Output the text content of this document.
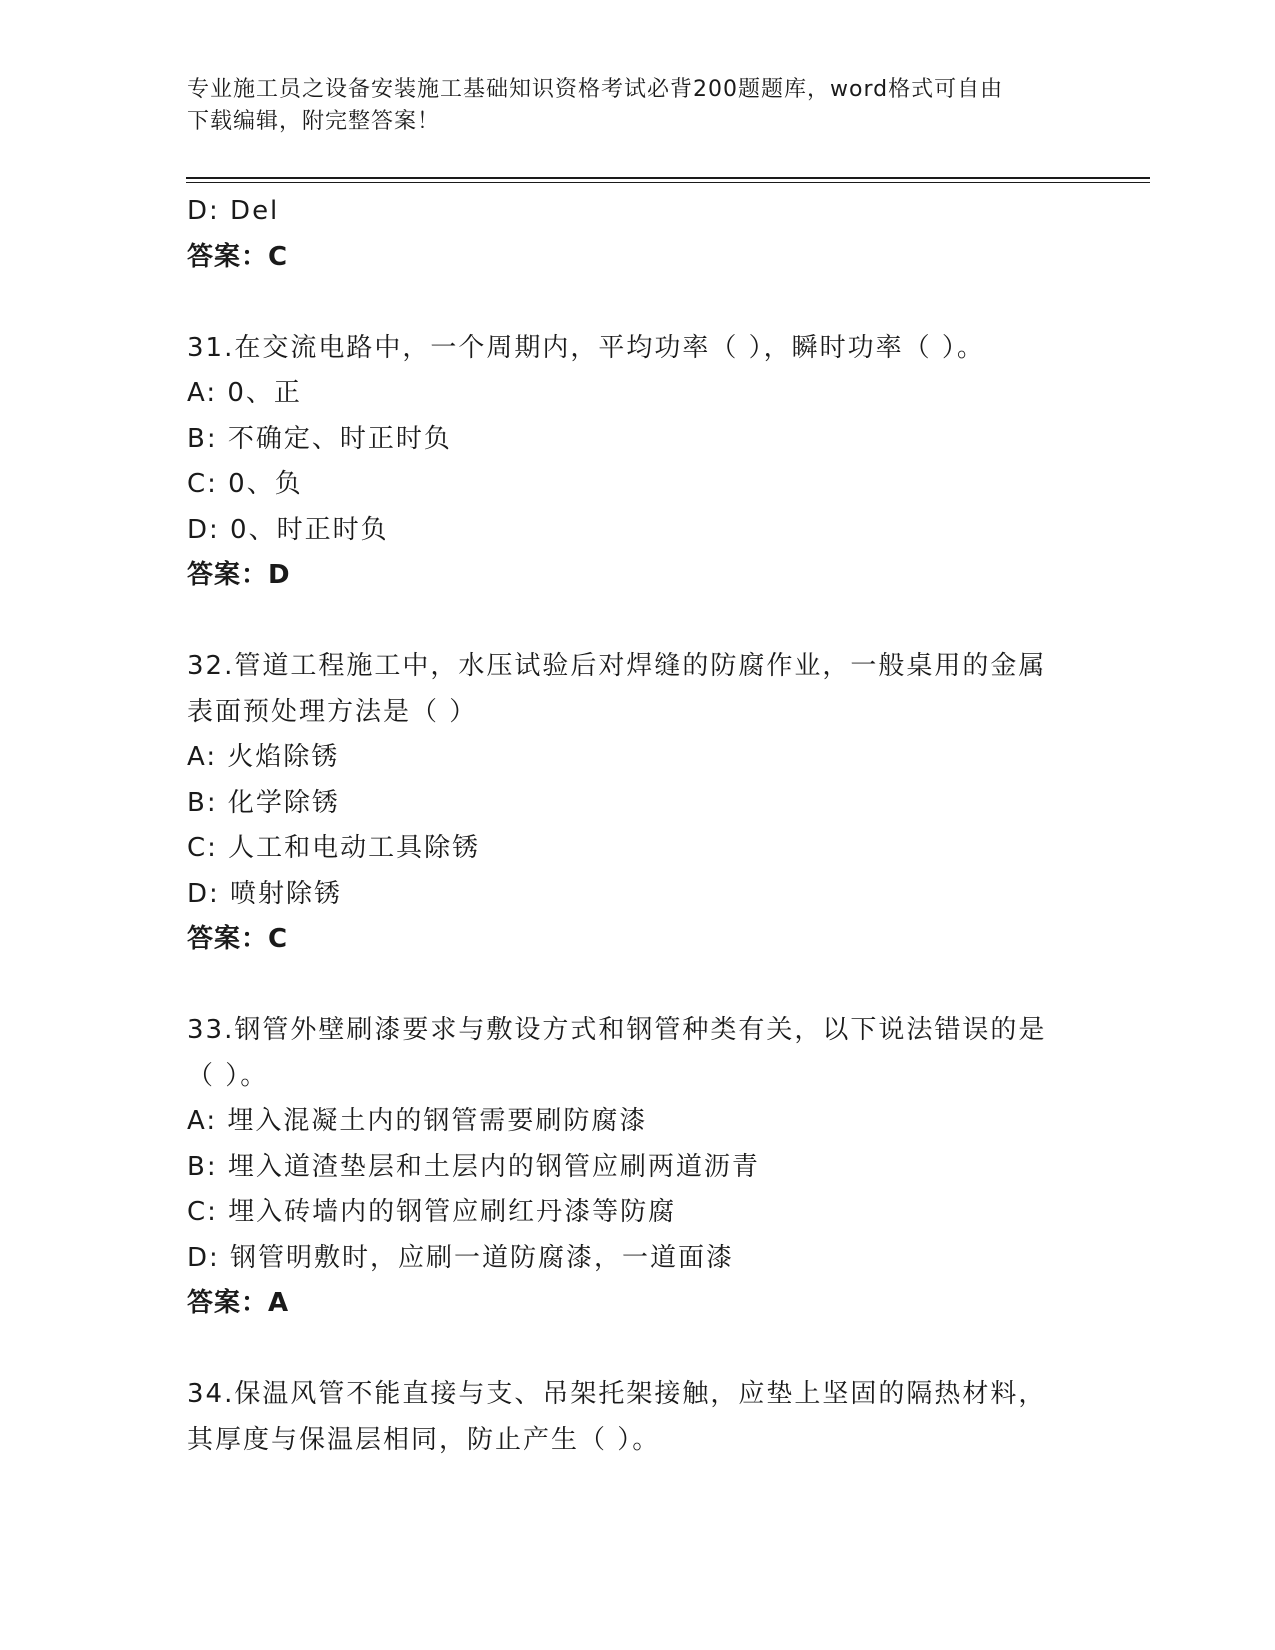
专业施工员之设备安装施工基础知识资格考试必背200题题库，word格式可自由
下载编辑，附完整答案！
D: Del
答案：C
31.在交流电路中，一个周期内，平均功率（ ），瞬时功率（ ）。
A: 0、正
B: 不确定、时正时负
C: 0、负
D: 0、时正时负
答案：D
32.管道工程施工中，水压试验后对焊缝的防腐作业，一般桌用的金属
表面预处理方法是（ ）
A: 火焰除锈
B: 化学除锈
C: 人工和电动工具除锈
D: 喷射除锈
答案：C
33.钢管外壁刷漆要求与敷设方式和钢管种类有关，以下说法错误的是
（ ）。
A: 埋入混凝土内的钢管需要刷防腐漆
B: 埋入道渣垫层和土层内的钢管应刷两道沥青
C: 埋入砖墙内的钢管应刷红丹漆等防腐
D: 钢管明敷时，应刷一道防腐漆，一道面漆
答案：A
34.保温风管不能直接与支、吊架托架接触，应垫上坚固的隔热材料，
其厚度与保温层相同，防止产生（ ）。
